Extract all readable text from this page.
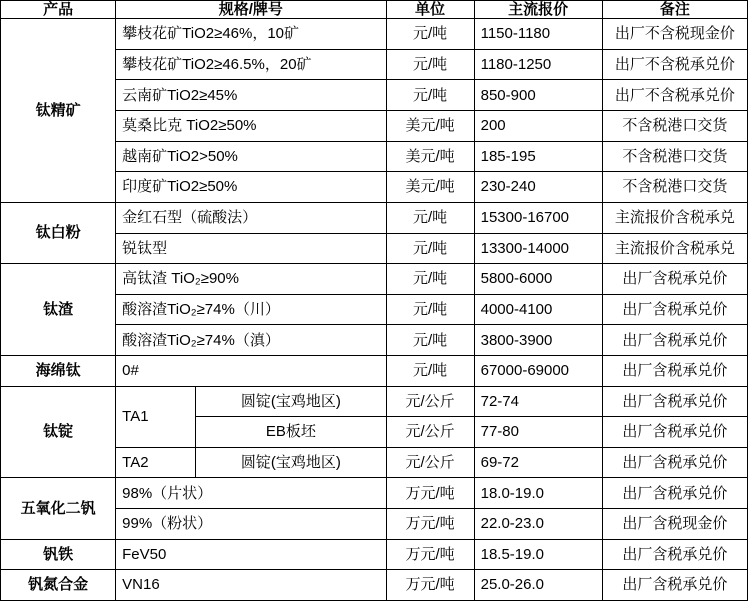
产品	规格/牌号		单位	主流报价	备注
钛精矿	攀枝花矿TiO2≥46%，10矿		元/吨	1150-1180	出厂不含税现金价
	攀枝花矿TiO2≥46.5%，20矿		元/吨	1180-1250	出厂不含税承兑价
	云南矿TiO2≥45%		元/吨	850-900	出厂不含税承兑价
	莫桑比克 TiO2≥50%		美元/吨	200	不含税港口交货
	越南矿TiO2>50%		美元/吨	185-195	不含税港口交货
	印度矿TiO2≥50%		美元/吨	230-240	不含税港口交货
钛白粉	金红石型（硫酸法）		元/吨	15300-16700	主流报价含税承兑
	锐钛型		元/吨	13300-14000	主流报价含税承兑
钛渣	高钛渣 TiO₂≥90%		元/吨	5800-6000	出厂含税承兑价
	酸溶渣TiO₂≥74%（川）		元/吨	4000-4100	出厂含税承兑价
	酸溶渣TiO₂≥74%（滇）		元/吨	3800-3900	出厂含税承兑价
海绵钛	0#		元/吨	67000-69000	出厂含税承兑价
钛锭	TA1	圆锭(宝鸡地区)	元/公斤	72-74	出厂含税承兑价
		EB板坯	元/公斤	77-80	出厂含税承兑价
	TA2	圆锭(宝鸡地区)	元/公斤	69-72	出厂含税承兑价
五氧化二钒	98%（片状）		万元/吨	18.0-19.0	出厂含税承兑价
	99%（粉状）		万元/吨	22.0-23.0	出厂含税现金价
钒铁	FeV50		万元/吨	18.5-19.0	出厂含税承兑价
钒氮合金	VN16		万元/吨	25.0-26.0	出厂含税承兑价
